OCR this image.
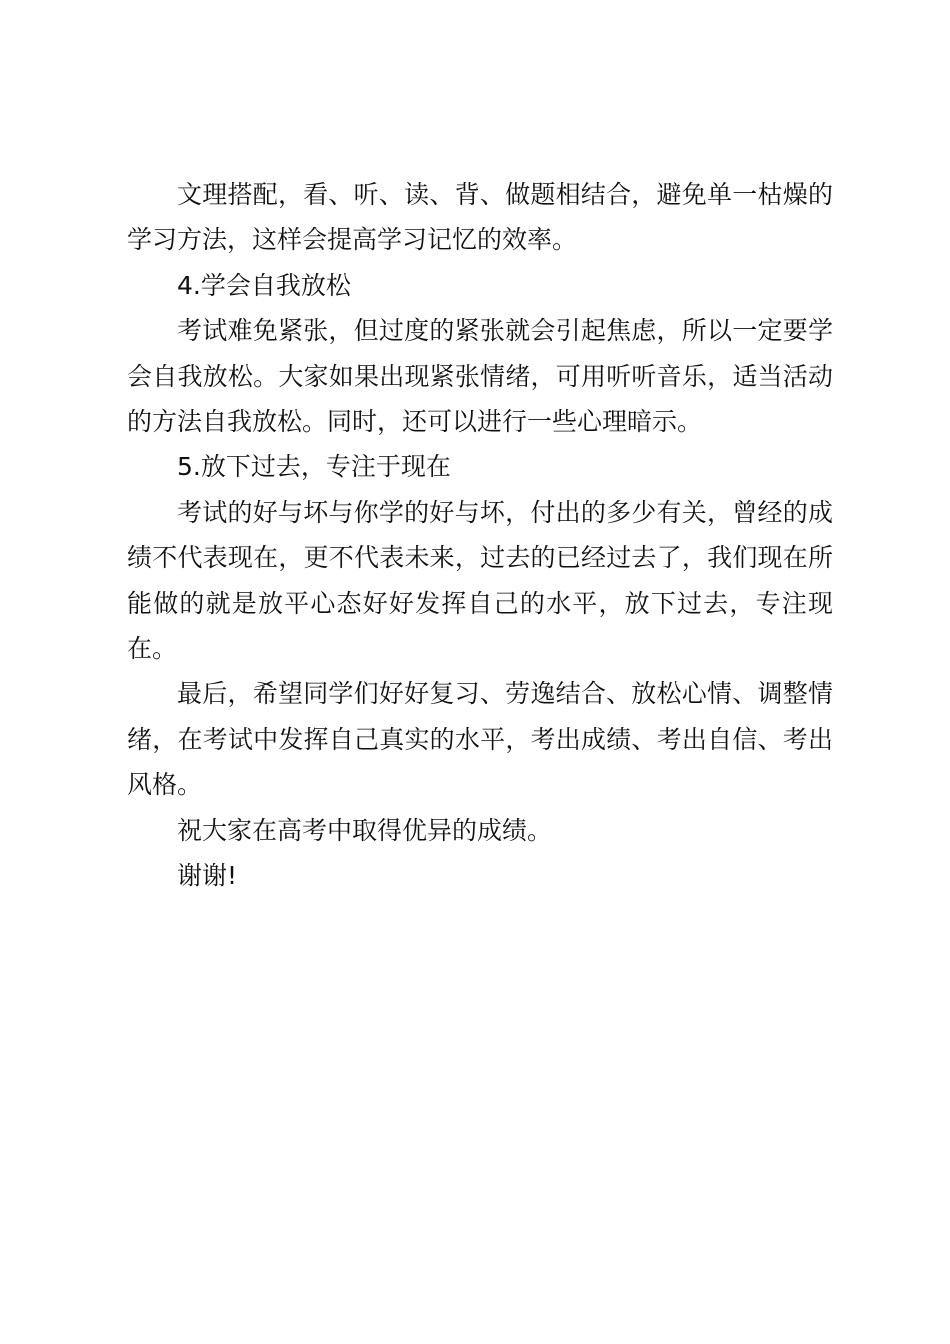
文理搭配，看、听、读、背、做题相结合，避免单一枯燥的学习方法，这样会提高学习记忆的效率。

4.学会自我放松

考试难免紧张，但过度的紧张就会引起焦虑，所以一定要学会自我放松。大家如果出现紧张情绪，可用听听音乐，适当活动的方法自我放松。同时，还可以进行一些心理暗示。

5.放下过去，专注于现在

考试的好与坏与你学的好与坏，付出的多少有关，曾经的成绩不代表现在，更不代表未来，过去的已经过去了，我们现在所能做的就是放平心态好好发挥自己的水平，放下过去，专注现在。

最后，希望同学们好好复习、劳逸结合、放松心情、调整情绪，在考试中发挥自己真实的水平，考出成绩、考出自信、考出风格。

祝大家在高考中取得优异的成绩。

谢谢!
